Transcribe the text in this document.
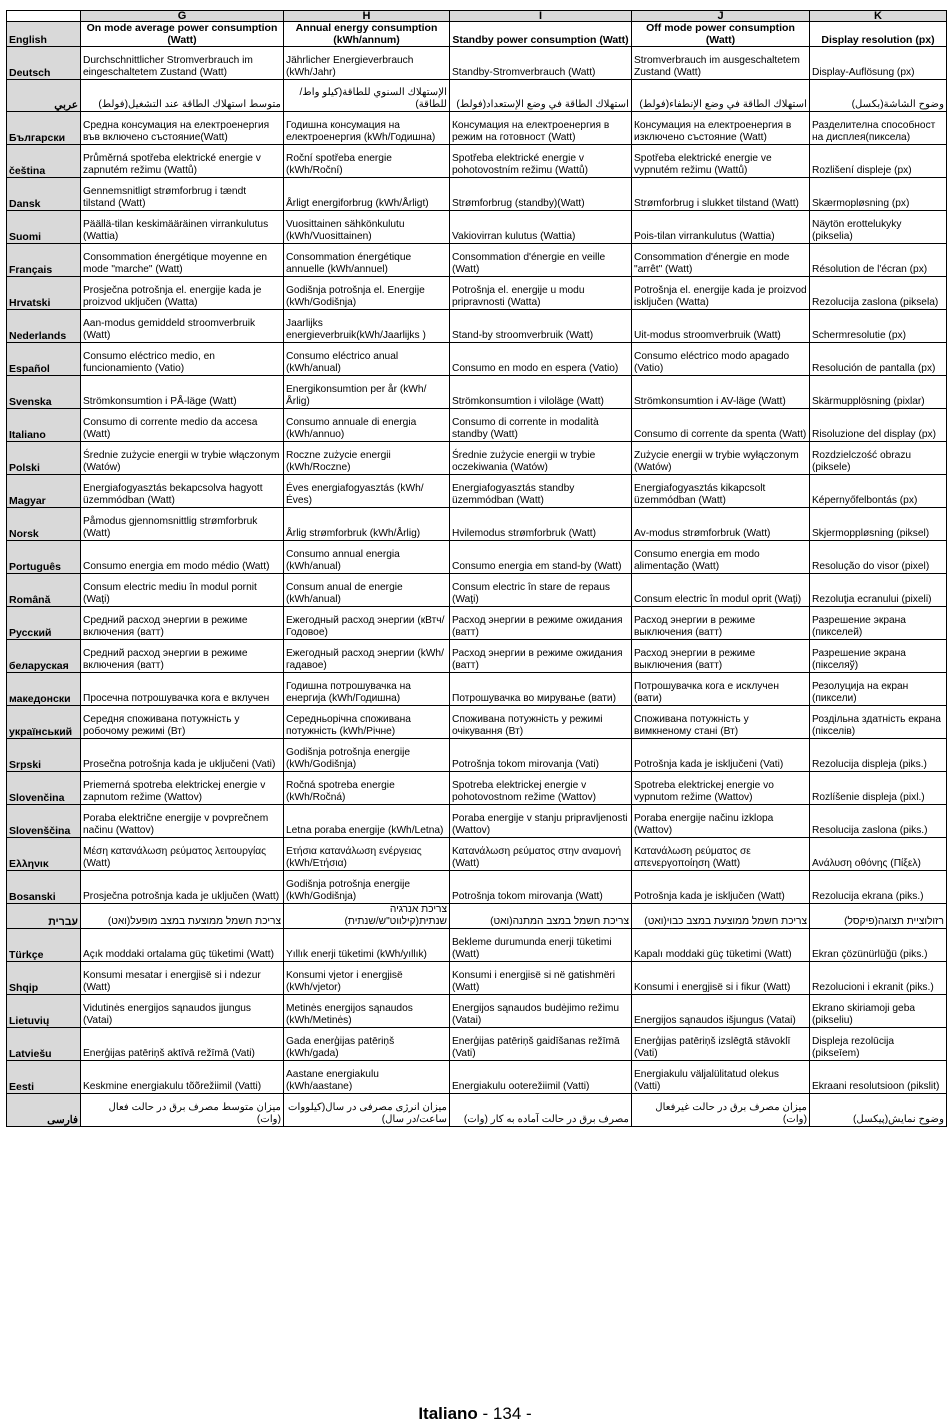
	G	H	I	J	K
English	On mode average power consumption (Watt)	Annual energy consumption (kWh/annum)	Standby power consumption (Watt)	Off mode power consumption (Watt)	Display resolution (px)
Deutsch	Durchschnittlicher Stromverbrauch im eingeschaltetem Zustand (Watt)	Jährlicher Energieverbrauch (kWh/Jahr)	Standby-Stromverbrauch (Watt)	Stromverbrauch im ausgeschaltetem Zustand (Watt)	Display-Auflösung (px)
عربي	متوسط استهلاك الطاقة عند التشغيل(فولط)	الإستهلاك السنوي للطاقة(كيلو واط/للطاقة)	استهلاك الطاقة في وضع الإستعداد(فولط)	استهلاك الطاقة في وضع الإنطفاء(فولط)	وضوح الشاشة(بكسل)
Български	Средна консумация на електроенергия във включено състояние(Watt)	Годишна консумация на електроенергия (kWh/Годишна)	Консумация на електроенергия в режим на готовност (Watt)	Консумация на електроенергия в изключено състояние (Watt)	Разделителна способност на дисплея(пиксела)
čeština	Průměrná spotřeba elektrické energie v zapnutém režimu (Wattů)	Roční spotřeba energie (kWh/Roční)	Spotřeba elektrické energie v pohotovostním režimu (Wattů)	Spotřeba elektrické energie ve vypnutém režimu (Wattů)	Rozlišení displeje (px)
Dansk	Gennemsnitligt strømforbrug i tændt tilstand (Watt)	Årligt energiforbrug (kWh/Årligt)	Strømforbrug (standby)(Watt)	Strømforbrug i slukket tilstand (Watt)	Skærmopløsning (px)
Suomi	Päällä-tilan keskimääräinen virrankulutus (Wattia)	Vuosittainen sähkönkulutu (kWh/Vuosittainen)	Vakiovirran kulutus (Wattia)	Pois-tilan virrankulutus (Wattia)	Näytön erottelukyky (pikselia)
Français	Consommation énergétique moyenne en mode "marche" (Watt)	Consommation énergétique annuelle (kWh/annuel)	Consommation d'énergie en veille (Watt)	Consommation d'énergie en mode "arrêt" (Watt)	Résolution de l'écran (px)
Hrvatski	Prosječna potrošnja el. energije kada je proizvod uključen (Watta)	Godišnja potrošnja el. Energije (kWh/Godišnja)	Potrošnja el. energije u modu pripravnosti (Watta)	Potrošnja el. energije kada je proizvod isključen (Watta)	Rezolucija zaslona (piksela)
Nederlands	Aan-modus gemiddeld stroomverbruik (Watt)	Jaarlijks energieverbruik(kWh/Jaarlijks )	Stand-by stroomverbruik (Watt)	Uit-modus stroomverbruik (Watt)	Schermresolutie (px)
Español	Consumo eléctrico medio, en funcionamiento (Vatio)	Consumo eléctrico anual (kWh/anual)	Consumo en modo en espera (Vatio)	Consumo eléctrico modo apagado (Vatio)	Resolución de pantalla (px)
Svenska	Strömkonsumtion i PÅ-läge (Watt)	Energikonsumtion per år (kWh/Årlig)	Strömkonsumtion i viloläge (Watt)	Strömkonsumtion i AV-läge (Watt)	Skärmupplösning (pixlar)
Italiano	Consumo di corrente medio da accesa (Watt)	Consumo annuale di energia (kWh/annuo)	Consumo di corrente in modalità standby (Watt)	Consumo di corrente da spenta (Watt)	Risoluzione del display (px)
Polski	Średnie zużycie energii w trybie włączonym (Watów)	Roczne zużycie energii (kWh/Roczne)	Średnie zużycie energii w trybie oczekiwania (Watów)	Zużycie energii w trybie wyłączonym (Watów)	Rozdzielczość obrazu (piksele)
Magyar	Energiafogyasztás bekapcsolva hagyott üzemmódban (Watt)	Éves energiafogyasztás (kWh/Éves)	Energiafogyasztás standby üzemmódban (Watt)	Energiafogyasztás kikapcsolt üzemmódban (Watt)	Képernyőfelbontás (px)
Norsk	Påmodus gjennomsnittlig strømforbruk (Watt)	Årlig strømforbruk (kWh/Årlig)	Hvilemodus strømforbruk (Watt)	Av-modus strømforbruk (Watt)	Skjermoppløsning (piksel)
Português	Consumo energia em modo médio (Watt)	Consumo annual energia (kWh/anual)	Consumo energia em stand-by (Watt)	Consumo energia em modo alimentação (Watt)	Resolução do visor (pixel)
Română	Consum electric mediu în modul pornit (Waţi)	Consum anual de energie (kWh/anual)	Consum electric în stare de repaus (Waţi)	Consum electric în modul oprit (Waţi)	Rezoluţia ecranului (pixeli)
Русский	Средний расход энергии в режиме включения (ватт)	Ежегодный расход энергии (кВтч/Годовое)	Расход энергии в режиме ожидания (ватт)	Расход энергии в режиме выключения (ватт)	Разрешение экрана (пикселей)
беларуская	Средний расход энергии в режиме включения (ватт)	Ежегодный расход энергии (kWh/гадавое)	Расход энергии в режиме ожидания (ватт)	Расход энергии в режиме выключения (ватт)	Разрешение экрана (пiкселяў)
македонски	Просечна потрошувачка кога е вклучен	Годишна потрошувачка на енергија (kWh/Годишна)	Потрошувачка во мирување (вати)	Потрошувачка кога е исклучен (вати)	Резолуција на екран (пиксели)
український	Середня споживана потужність у робочому режимі (Вт)	Середньорічна споживана потужність (kWh/Річне)	Споживана потужність у режимі очікування (Вт)	Споживана потужність у вимкненому стані (Вт)	Роздільна здатність екрана (пікселів)
Srpski	Prosečna potrošnja kada je uključeni (Vati)	Godišnja potrošnja energije (kWh/Godišnja)	Potrošnja tokom mirovanja (Vati)	Potrošnja kada je isključeni (Vati)	Rezolucija displeja (piks.)
Slovenčina	Priemerná spotreba elektrickej energie v zapnutom režime (Wattov)	Ročná spotreba energie (kWh/Ročná)	Spotreba elektrickej energie v pohotovostnom režime (Wattov)	Spotreba elektrickej energie vo vypnutom režime (Wattov)	Rozlíšenie displeja (pixl.)
Slovenščina	Poraba električne energije v povprečnem načinu (Wattov)	Letna poraba energije (kWh/Letna)	Poraba energije v stanju pripravljenosti (Wattov)	Poraba energije načinu izklopa (Wattov)	Resolucija zaslona (piks.)
Ελληνικ	Μέση κατανάλωση ρεύματος λειτουργίας (Watt)	Ετήσια κατανάλωση ενέργειας (kWh/Ετήσια)	Κατανάλωση ρεύματος στην αναμονή (Watt)	Κατανάλωση ρεύματος σε απενεργοποίηση (Watt)	Ανάλυση οθόνης (Πίξελ)
Bosanski	Prosječna potrošnja kada je uključen (Watt)	Godišnja potrošnja energije (kWh/Godišnja)	Potrošnja tokom mirovanja (Watt)	Potrošnja kada je isključen (Watt)	Rezolucija ekrana (piks.)
עברית	צריכת חשמל ממוצעת במצב מופעל(ואט)	צריכת אנרגיה שנתית(קילווט"ש/שנתית)	צריכת חשמל במצב המתנה(ואט)	צריכת חשמל ממוצעת במצב כבוי(ואט)	רזולוציית תצוגה(פיקסל)
Türkçe	Açık moddaki ortalama güç tüketimi (Watt)	Yıllık enerji tüketimi (kWh/yıllık)	Bekleme durumunda enerji tüketimi (Watt)	Kapalı moddaki güç tüketimi (Watt)	Ekran çözünürlüğü (piks.)
Shqip	Konsumi mesatar i energjisë si i ndezur (Watt)	Konsumi vjetor i energjisë (kWh/vjetor)	Konsumi i energjisë si në gatishmëri (Watt)	Konsumi i energjisë si i fikur (Watt)	Rezolucioni i ekranit (piks.)
Lietuvių	Vidutinės energijos sąnaudos įjungus (Vatai)	Metinės energijos sąnaudos (kWh/Metinės)	Energijos sąnaudos budėjimo režimu (Vatai)	Energijos sąnaudos išjungus (Vatai)	Ekrano skiriamoji geba (pikseliu)
Latviešu	Enerģijas patēriņš aktīvā režīmā (Vati)	Gada enerģijas patēriņš (kWh/gada)	Enerģijas patēriņš gaidīšanas režīmā (Vati)	Enerģijas patēriņš izslēgtā stāvoklī (Vati)	Displeja rezolūcija (pikseīem)
Eesti	Keskmine energiakulu tõõrežiimil (Vatti)	Aastane energiakulu (kWh/aastane)	Energiakulu ooterežiimil (Vatti)	Energiakulu väljalülitatud olekus (Vatti)	Ekraani resolutsioon (pikslit)
فارسی	میزان متوسط مصرف برق در حالت فعال (وات)	میزان انرژی مصرفی در سال(کیلووات ساعت/در سال)	مصرف برق در حالت آماده به کار (وات)	میزان مصرف برق در حالت غیرفعال (وات)	وضوح نمایش(پیکسل)
Italiano - 134 -
